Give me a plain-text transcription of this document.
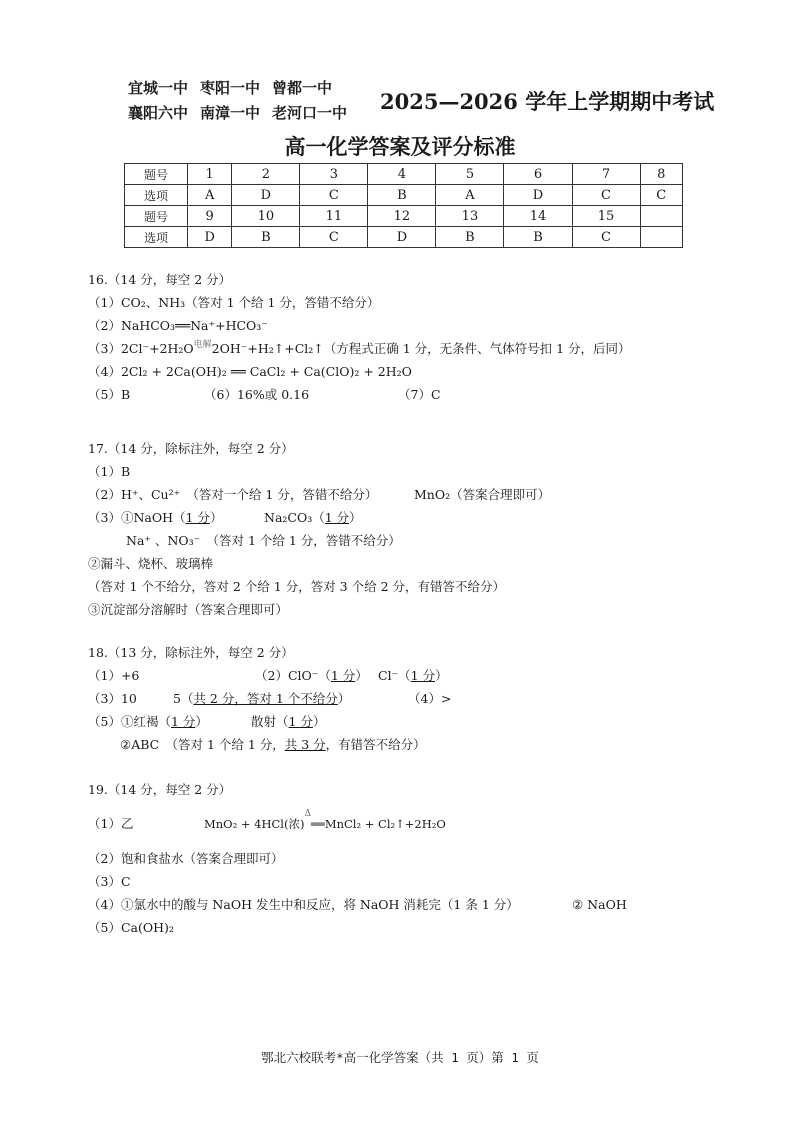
宜城一中 枣阳一中 曾都一中
襄阳六中 南漳一中 老河口一中	2025—2026 学年上学期期中考试
高一化学答案及评分标准
题号	1	2	3	4	5	6	7	8
选项	A	D	C	B	A	D	C	C
题号	9	10	11	12	13	14	15	
选项	D	B	C	D	B	B	C	
16.（14 分，每空 2 分）
（1）CO₂、NH₃（答对 1 个给 1 分，答错不给分）
（2）NaHCO₃══Na⁺+HCO₃⁻
（3）2Cl⁻+2H₂O电解2OH⁻+H₂↑+Cl₂↑（方程式正确 1 分，无条件、气体符号扣 1 分，后同）
（4）2Cl₂ + 2Ca(OH)₂ ══ CaCl₂ + Ca(ClO)₂ + 2H₂O
（5）B	（6）16%或 0.16	（7）C
17.（14 分，除标注外，每空 2 分）
（1）B
（2）H⁺、Cu²⁺　（答对一个给 1 分，答错不给分）	MnO₂（答案合理即可）
（3）①NaOH（1 分）	Na₂CO₃（1 分）
Na⁺ 、NO₃⁻　（答对 1 个给 1 分，答错不给分）
②漏斗、烧杯、玻璃棒
（答对 1 个不给分，答对 2 个给 1 分，答对 3 个给 2 分，有错答不给分）
③沉淀部分溶解时（答案合理即可）
18.（13 分，除标注外，每空 2 分）
（1）+6	（2）ClO⁻（1 分） Cl⁻（1 分）
（3）10	5（共 2 分，答对 1 个不给分）	（4）>
（5）①红褐（1 分）	散射（1 分）
②ABC　（答对 1 个给 1 分，共 3 分，有错答不给分）
19.（14 分，每空 2 分）
（1）乙	MnO₂ + 4HCl(浓)Δ══MnCl₂ + Cl₂↑+2H₂O
（2）饱和食盐水（答案合理即可）
（3）C
（4）①氯水中的酸与 NaOH 发生中和反应，将 NaOH 消耗完（1 条 1 分）	② NaOH
（5）Ca(OH)₂
鄂北六校联考*高一化学答案（共 1 页）第 1 页
